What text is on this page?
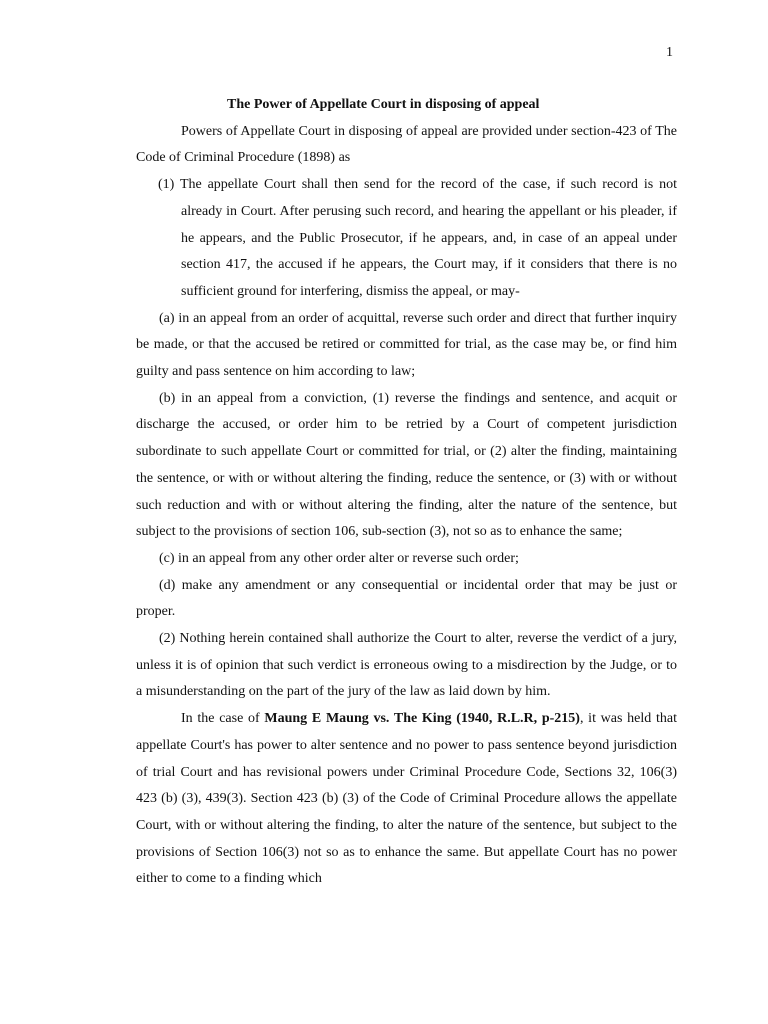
1

The Power of Appellate Court in disposing of appeal

Powers of Appellate Court in disposing of appeal are provided under section-423 of The Code of Criminal Procedure (1898) as

(1) The appellate Court shall then send for the record of the case, if such record is not already in Court. After perusing such record, and hearing the appellant or his pleader, if he appears, and the Public Prosecutor, if he appears, and, in case of an appeal under section 417, the accused if he appears, the Court may, if it considers that there is no sufficient ground for interfering, dismiss the appeal, or may-

(a) in an appeal from an order of acquittal, reverse such order and direct that further inquiry be made, or that the accused be retired or committed for trial, as the case may be, or find him guilty and pass sentence on him according to law;

(b) in an appeal from a conviction, (1) reverse the findings and sentence, and acquit or discharge the accused, or order him to be retried by a Court of competent jurisdiction subordinate to such appellate Court or committed for trial, or (2) alter the finding, maintaining the sentence, or with or without altering the finding, reduce the sentence, or (3) with or without such reduction and with or without altering the finding, alter the nature of the sentence, but subject to the provisions of section 106, sub-section (3), not so as to enhance the same;

(c) in an appeal from any other order alter or reverse such order;

(d) make any amendment or any consequential or incidental order that may be just or proper.

(2) Nothing herein contained shall authorize the Court to alter, reverse the verdict of a jury, unless it is of opinion that such verdict is erroneous owing to a misdirection by the Judge, or to a misunderstanding on the part of the jury of the law as laid down by him.

In the case of Maung E Maung vs. The King (1940, R.L.R, p-215), it was held that appellate Court's has power to alter sentence and no power to pass sentence beyond jurisdiction of trial Court and has revisional powers under Criminal Procedure Code, Sections 32, 106(3) 423 (b) (3), 439(3). Section 423 (b) (3) of the Code of Criminal Procedure allows the appellate Court, with or without altering the finding, to alter the nature of the sentence, but subject to the provisions of Section 106(3) not so as to enhance the same. But appellate Court has no power either to come to a finding which
